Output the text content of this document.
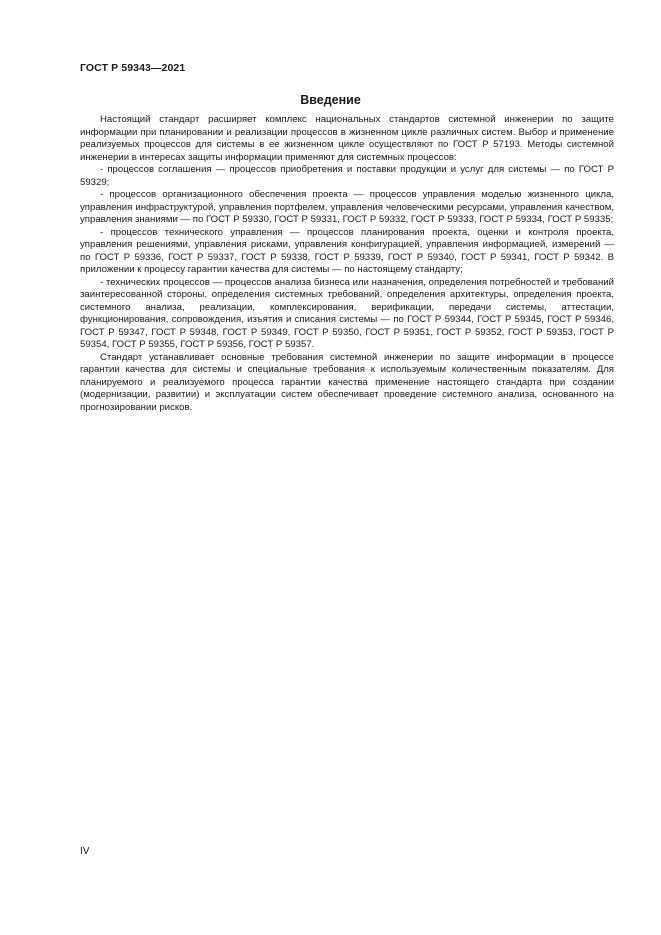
ГОСТ Р 59343—2021
Введение

Настоящий стандарт расширяет комплекс национальных стандартов системной инженерии по защите информации при планировании и реализации процессов в жизненном цикле различных систем. Выбор и применение реализуемых процессов для системы в ее жизненном цикле осуществляют по ГОСТ Р 57193. Методы системной инженерии в интересах защиты информации применяют для системных процессов:

- процессов соглашения — процессов приобретения и поставки продукции и услуг для системы — по ГОСТ Р 59329;

- процессов организационного обеспечения проекта — процессов управления моделью жизненного цикла, управления инфраструктурой, управления портфелем, управления человеческими ресурсами, управления качеством, управления знаниями — по ГОСТ Р 59330, ГОСТ Р 59331, ГОСТ Р 59332, ГОСТ Р 59333, ГОСТ Р 59334, ГОСТ Р 59335;

- процессов технического управления — процессов планирования проекта, оценки и контроля проекта, управления решениями, управления рисками, управления конфигурацией, управления информацией, измерений — по ГОСТ Р 59336, ГОСТ Р 59337, ГОСТ Р 59338, ГОСТ Р 59339, ГОСТ Р 59340, ГОСТ Р 59341, ГОСТ Р 59342. В приложении к процессу гарантии качества для системы — по настоящему стандарту;

- технических процессов — процессов анализа бизнеса или назначения, определения потребностей и требований заинтересованной стороны, определения системных требований, определения архитектуры, определения проекта, системного анализа, реализации, комплексирования, верификации, передачи системы, аттестации, функционирования, сопровождения, изъятия и списания системы — по ГОСТ Р 59344, ГОСТ Р 59345, ГОСТ Р 59346, ГОСТ Р 59347, ГОСТ Р 59348, ГОСТ Р 59349, ГОСТ Р 59350, ГОСТ Р 59351, ГОСТ Р 59352, ГОСТ Р 59353, ГОСТ Р 59354, ГОСТ Р 59355, ГОСТ Р 59356, ГОСТ Р 59357.

Стандарт устанавливает основные требования системной инженерии по защите информации в процессе гарантии качества для системы и специальные требования к используемым количественным показателям. Для планируемого и реализуемого процесса гарантии качества применение настоящего стандарта при создании (модернизации, развитии) и эксплуатации систем обеспечивает проведение системного анализа, основанного на прогнозировании рисков.

IV
